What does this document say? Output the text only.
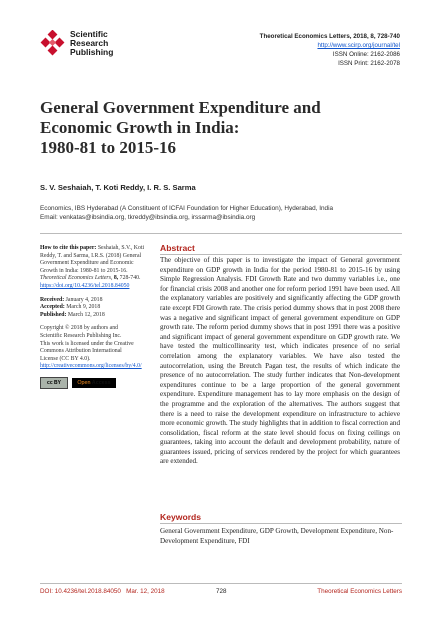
Scientific
Research
Publishing
Theoretical Economics Letters, 2018, 8, 728-740
http://www.scirp.org/journal/tel
ISSN Online: 2162-2086
ISSN Print: 2162-2078
General Government Expenditure and
Economic Growth in India:
1980-81 to 2015-16
S. V. Seshaiah, T. Koti Reddy, I. R. S. Sarma
Economics, IBS Hyderabad (A Constituent of ICFAI Foundation for Higher Education), Hyderabad, India
Email: venkatas@ibsindia.org, tkreddy@ibsindia.org, irssarma@ibsindia.org

How to cite this paper: Seshaiah, S.V., Koti Reddy, T. and Sarma, I.R.S. (2018) General Government Expenditure and Economic Growth in India: 1980-81 to 2015-16. Theoretical Economics Letters, 8, 728-740.
https://doi.org/10.4236/tel.2018.84050

Received: January 4, 2018
Accepted: March 9, 2018
Published: March 12, 2018

Copyright © 2018 by authors and
Scientific Research Publishing Inc.
This work is licensed under the Creative
Commons Attribution International
License (CC BY 4.0).
http://creativecommons.org/licenses/by/4.0/

cc BY	Open Access
Abstract
The objective of this paper is to investigate the impact of General government expenditure on GDP growth in India for the period 1980-81 to 2015-16 by using Simple Regression Analysis. FDI Growth Rate and two dummy variables i.e., one for financial crisis 2008 and another one for reform period 1991 have been used. All the explanatory variables are positively and significantly affecting the GDP growth rate except FDI Growth rate. The crisis period dummy shows that in post 2008 there was a negative and significant impact of general government expenditure on GDP growth rate. The reform period dummy shows that in post 1991 there was a positive and significant impact of general government expenditure on GDP growth rate. We have tested the multicollinearity test, which indicates presence of no serial correlation among the explanatory variables. We have also tested the autocorrelation, using the Breutch Pagan test, the results of which indicate the presence of no autocorrelation. The study further indicates that Non-development expenditures continue to be a large proportion of the general government expenditure. Expenditure management has to lay more emphasis on the design of the programme and the exploration of the alternatives. The authors suggest that there is a need to raise the development expenditure on infrastructure to achieve more economic growth. The study highlights that in addition to fiscal correction and consolidation, fiscal reform at the state level should focus on fixing ceilings on guarantees, taking into account the default and development probability, nature of guarantees issued, pricing of services rendered by the project for which guarantees are extended.
Keywords
General Government Expenditure, GDP Growth, Development Expenditure, Non-Development Expenditure, FDI
DOI: 10.4236/tel.2018.84050 Mar. 12, 2018	728	Theoretical Economics Letters
